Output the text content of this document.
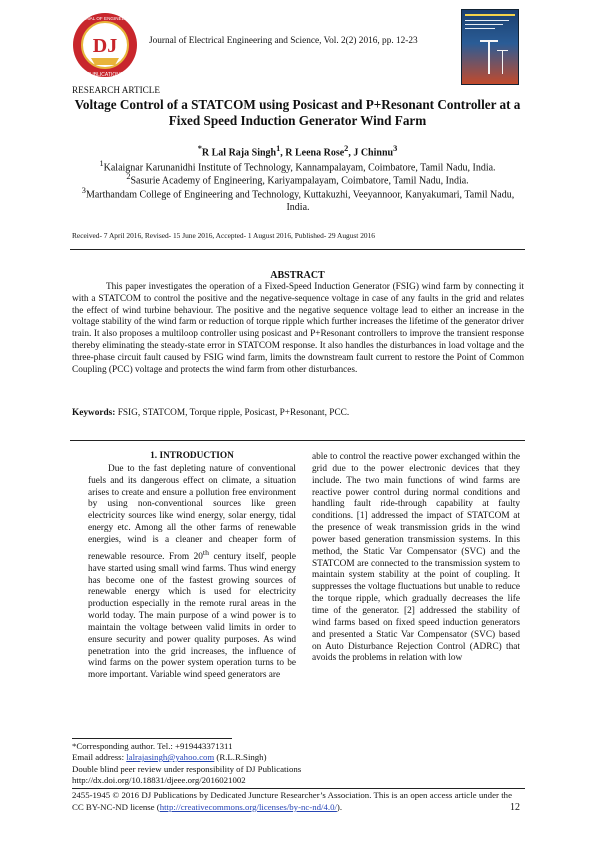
DJ
JOURNAL OF ENGINEERING
PUBLICATIONS
Journal of Electrical Engineering and Science, Vol. 2(2) 2016, pp. 12-23
RESEARCH ARTICLE
Voltage Control of a STATCOM using Posicast and P+Resonant Controller at a Fixed Speed Induction Generator Wind Farm
*R Lal Raja Singh$^1$, R Leena Rose$^2$, J Chinnu$^3$
$^1$Kalaignar Karunanidhi Institute of Technology, Kannampalayam, Coimbatore, Tamil Nadu, India.
$^2$Sasurie Academy of Engineering, Kariyampalayam, Coimbatore, Tamil Nadu, India.
$^3$Marthandam College of Engineering and Technology, Kuttakuzhi, Veeyannoor, Kanyakumari, Tamil Nadu, India.
Received- 7 April 2016, Revised- 15 June 2016, Accepted- 1 August 2016, Published- 29 August 2016
ABSTRACT
This paper investigates the operation of a Fixed-Speed Induction Generator (FSIG) wind farm by connecting it with a STATCOM to control the positive and the negative-sequence voltage in case of any faults in the grid and relates the effect of wind turbine behaviour. The positive and the negative sequence voltage lead to either an increase in the voltage stability of the wind farm or reduction of torque ripple which further increases the lifetime of the generator driver train. It also proposes a multiloop controller using posicast and P+Resonant controllers to improve the transient response thereby eliminating the steady-state error in STATCOM response. It also handles the disturbances in load voltage and the three-phase circuit fault caused by FSIG wind farm, limits the downstream fault current to restore the Point of Common Coupling (PCC) voltage and protects the wind farm from other disturbances.
Keywords: FSIG, STATCOM, Torque ripple, Posicast, P+Resonant, PCC.
1. INTRODUCTION
Due to the fast depleting nature of conventional fuels and its dangerous effect on climate, a situation arises to create and ensure a pollution free environment by using non-conventional sources like green electricity sources like wind energy, solar energy, tidal energy etc. Among all the other farms of renewable energies, wind is a cleaner and cheaper form of renewable resource. From 20th century itself, people have started using small wind farms. Thus wind energy has become one of the fastest growing sources of renewable energy which is used for electricity production especially in the remote rural areas in the world today. The main purpose of a wind power is to maintain the voltage between valid limits in order to ensure security and power quality purposes. As wind penetration into the grid increases, the influence of wind farms on the power system operation turns to be more important. Variable wind speed generators are
able to control the reactive power exchanged within the grid due to the power electronic devices that they include. The two main functions of wind farms are reactive power control during normal conditions and handling fault ride-through capability at faulty conditions. [1] addressed the impact of STATCOM at the presence of weak transmission grids in the wind power based generation transmission systems. In this method, the Static Var Compensator (SVC) and the STATCOM are connected to the transmission system to maintain system stability at the point of coupling. It suppresses the voltage fluctuations but unable to reduce the torque ripple, which gradually decreases the life time of the generator. [2] addressed the stability of wind farms based on fixed speed induction generators and presented a Static Var Compensator (SVC) based on Auto Disturbance Rejection Control (ADRC) that avoids the problems in relation with low
*Corresponding author. Tel.: +919443371311
Email address: lalrajasingh@yahoo.com (R.L.R.Singh)
Double blind peer review under responsibility of DJ Publications
http://dx.doi.org/10.18831/djeee.org/2016021002
2455-1945 © 2016 DJ Publications by Dedicated Juncture Researcher’s Association. This is an open access article under the CC BY-NC-ND license (http://creativecommons.org/licenses/by-nc-nd/4.0/).	12
